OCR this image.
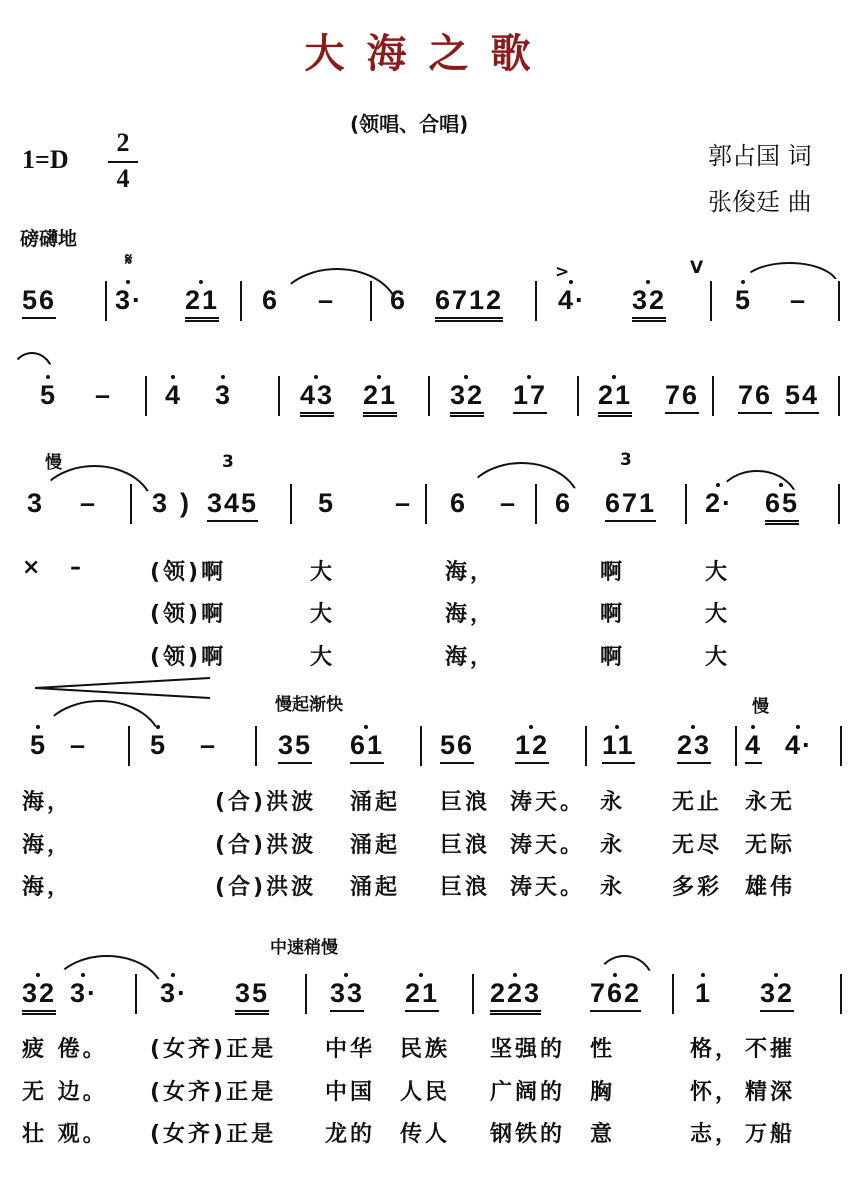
大海之歌
(领唱、合唱)
1=D
2
4
郭占国 词
张俊廷 曲
磅礴地
56 3· 21 6 – 6 6712 4· 32	5 –
𝄋
>	V
5 – 4 3	43 21 32 17 21 76 76 54
3 – 3 ) 345 5 – 6 – 6 671 2· 65
慢	3	3
× –	(领)啊	大	海，	啊	大
(领)啊	大	海，	啊	大
(领)啊	大	海，	啊	大
5 – 5 – 35 61 56 12 11 23 4 4·
慢起渐快	慢
海，	(合)洪波 涌起 巨浪 涛天。 永 无止 永无
海，	(合)洪波 涌起 巨浪 涛天。 永 无尽 无际
海，	(合)洪波 涌起 巨浪 涛天。 永 多彩 雄伟
32 3· 3· 35 33 21 223 762 1 32
中速稍慢
疲 倦。 (女齐)正是 中华 民族 坚强的 性	格， 不摧
无 边。 (女齐)正是 中国 人民 广阔的 胸	怀， 精深
壮 观。 (女齐)正是 龙的 传人 钢铁的 意	志， 万船
